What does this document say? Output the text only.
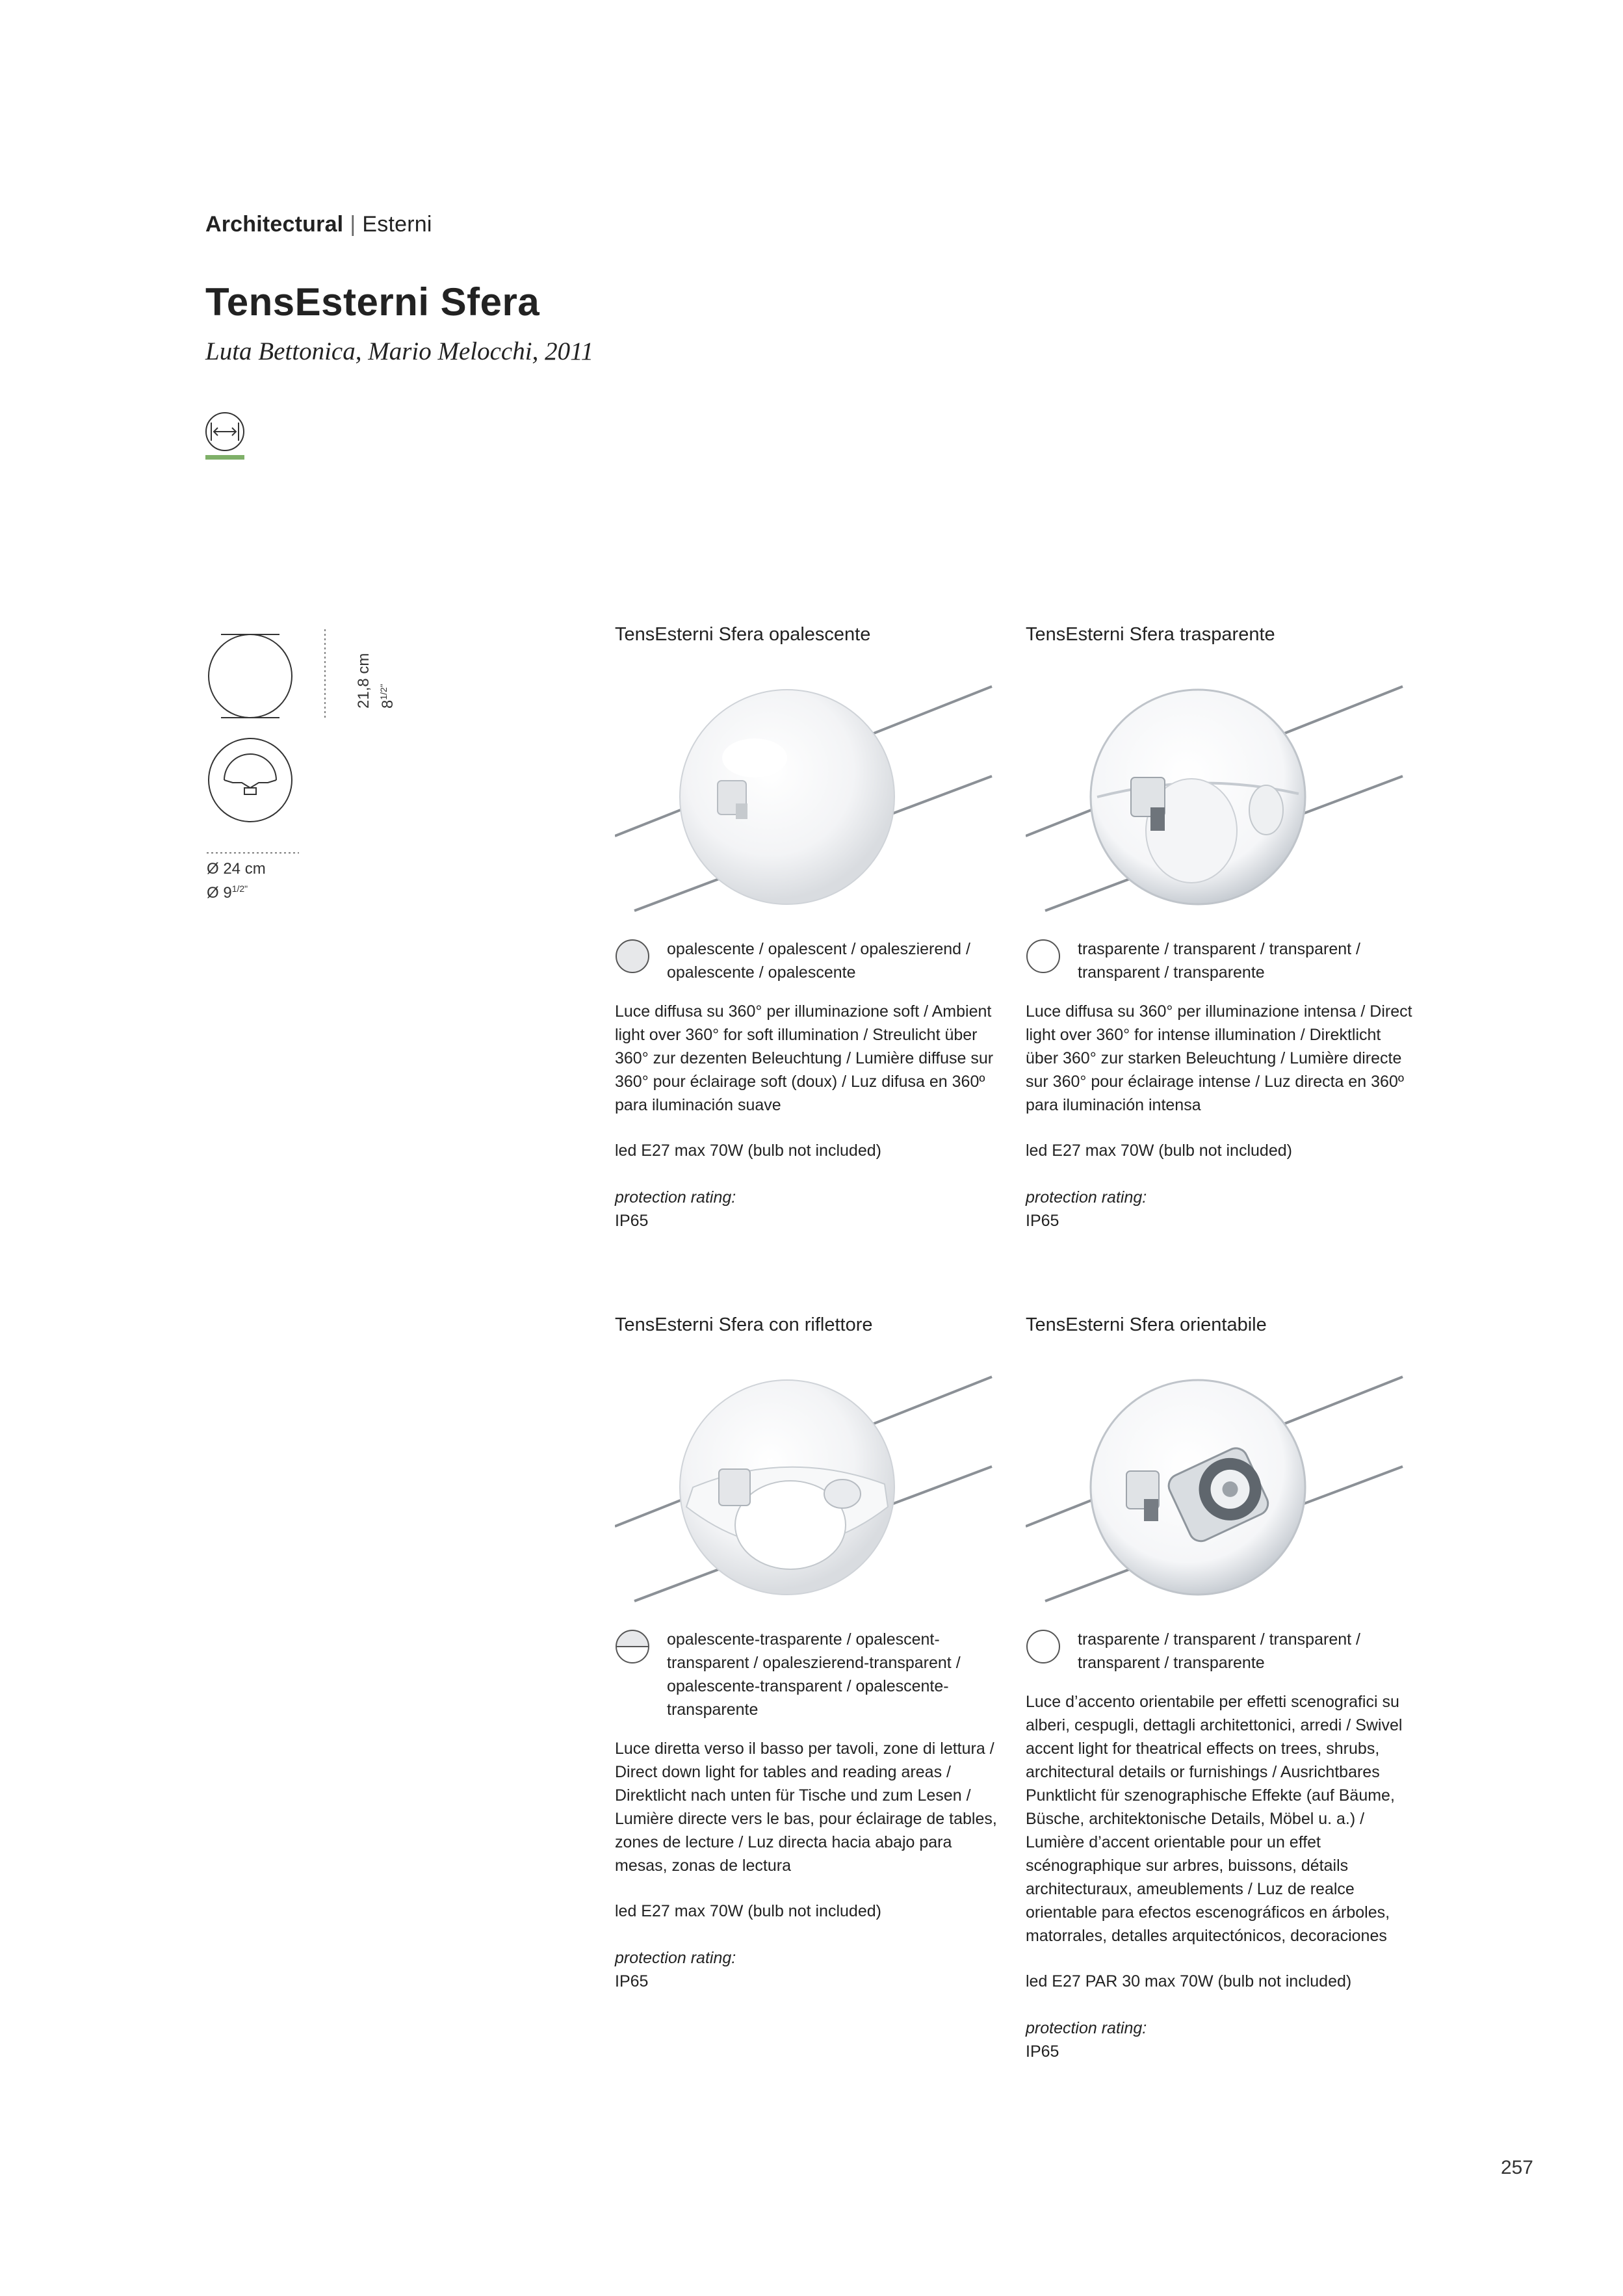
Architectural | Esterni
TensEsterni Sfera
Luta Bettonica, Mario Melocchi, 2011
21,8 cm $8^{1/2"}$
Ø 24 cm
Ø $9^{1/2"}$
TensEsterni Sfera opalescente
opalescente / opalescent / opaleszierend / opalescente / opalescente
Luce diffusa su 360° per illuminazione soft / Ambient light over 360° for soft illumination / Streulicht über 360° zur dezenten Beleuchtung / Lumière diffuse sur 360° pour éclairage soft (doux) / Luz difusa en 360º para iluminación suave
led E27 max 70W (bulb not included)
protection rating:
IP65
TensEsterni Sfera trasparente
trasparente / transparent / transparent / transparent / transparente
Luce diffusa su 360° per illuminazione intensa / Direct light over 360° for intense illumination / Direktlicht über 360° zur starken Beleuchtung / Lumière directe sur 360° pour éclairage intense / Luz directa en 360º para iluminación intensa
led E27 max 70W (bulb not included)
protection rating:
IP65
TensEsterni Sfera con riflettore
opalescente-trasparente / opalescent-transparent / opaleszierend-transparent / opalescente-transparent / opalescente-transparente
Luce diretta verso il basso per tavoli, zone di lettura / Direct down light for tables and reading areas / Direktlicht nach unten für Tische und zum Lesen / Lumière directe vers le bas, pour éclairage de tables, zones de lecture / Luz directa hacia abajo para mesas, zonas de lectura
led E27 max 70W (bulb not included)
protection rating:
IP65
TensEsterni Sfera orientabile
trasparente / transparent / transparent / transparent / transparente
Luce d’accento orientabile per effetti scenografici su alberi, cespugli, dettagli architettonici, arredi / Swivel accent light for theatrical effects on trees, shrubs, architectural details or furnishings / Ausrichtbares Punktlicht für szenographische Effekte (auf Bäume, Büsche, architektonische Details, Möbel u. a.) / Lumière d’accent orientable pour un effet scénographique sur arbres, buissons, détails architecturaux, ameublements / Luz de realce orientable para efectos escenográficos en árboles, matorrales, detalles arquitectónicos, decoraciones
led E27 PAR 30 max 70W (bulb not included)
protection rating:
IP65
257
